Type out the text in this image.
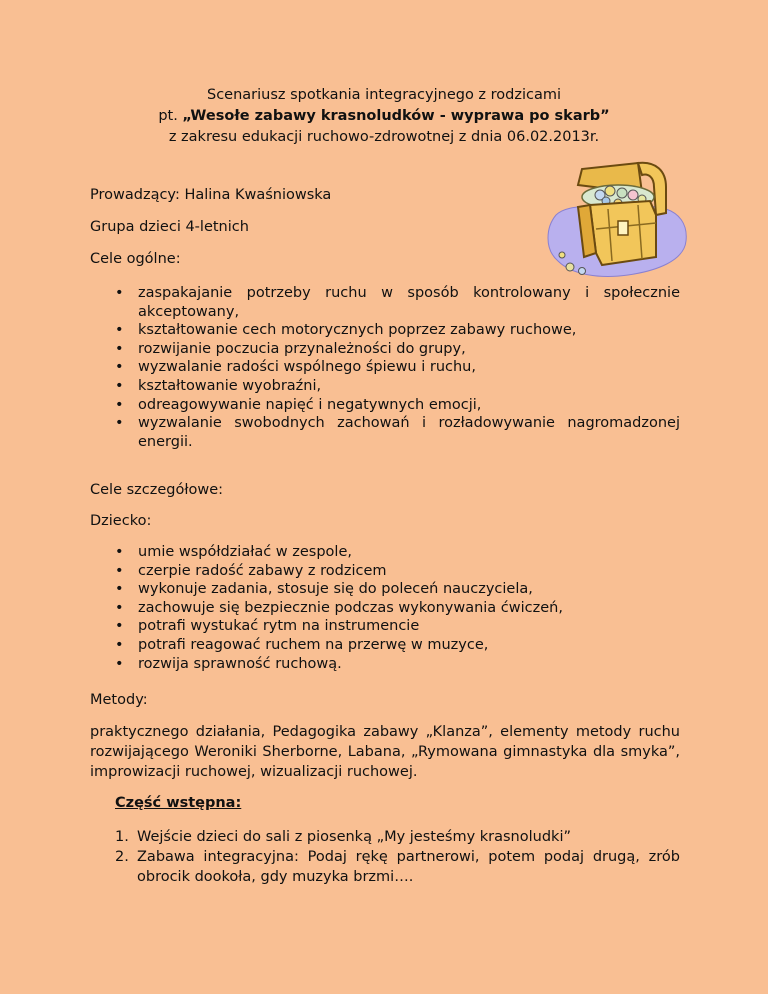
Scenariusz spotkania integracyjnego z rodzicami
pt. „Wesołe zabawy krasnoludków - wyprawa po skarb”
z zakresu edukacji ruchowo-zdrowotnej z dnia 06.02.2013r.
Prowadzący: Halina Kwaśniowska
Grupa dzieci 4-letnich
Cele ogólne:
• zaspakajanie potrzeby ruchu w sposób kontrolowany i społecznie akceptowany,
• kształtowanie cech motorycznych poprzez zabawy ruchowe,
• rozwijanie poczucia przynależności do grupy,
• wyzwalanie radości wspólnego śpiewu i ruchu,
• kształtowanie wyobraźni,
• odreagowywanie napięć i negatywnych emocji,
• wyzwalanie swobodnych zachowań i rozładowywanie nagromadzonej energii.
Cele szczegółowe:
Dziecko:
• umie współdziałać w zespole,
• czerpie radość zabawy z rodzicem
• wykonuje zadania, stosuje się do poleceń nauczyciela,
• zachowuje się bezpiecznie podczas wykonywania ćwiczeń,
• potrafi wystukać rytm na instrumencie
• potrafi reagować ruchem na przerwę w muzyce,
• rozwija sprawność ruchową.
Metody:
praktycznego działania, Pedagogika zabawy „Klanza”, elementy metody ruchu rozwijającego Weroniki Sherborne, Labana, „Rymowana gimnastyka dla smyka”, improwizacji ruchowej, wizualizacji ruchowej.
Część wstępna:
1. Wejście dzieci do sali z piosenką „My jesteśmy krasnoludki”
2. Zabawa integracyjna: Podaj rękę partnerowi, potem podaj drugą, zrób obrocik dookoła, gdy muzyka brzmi….
